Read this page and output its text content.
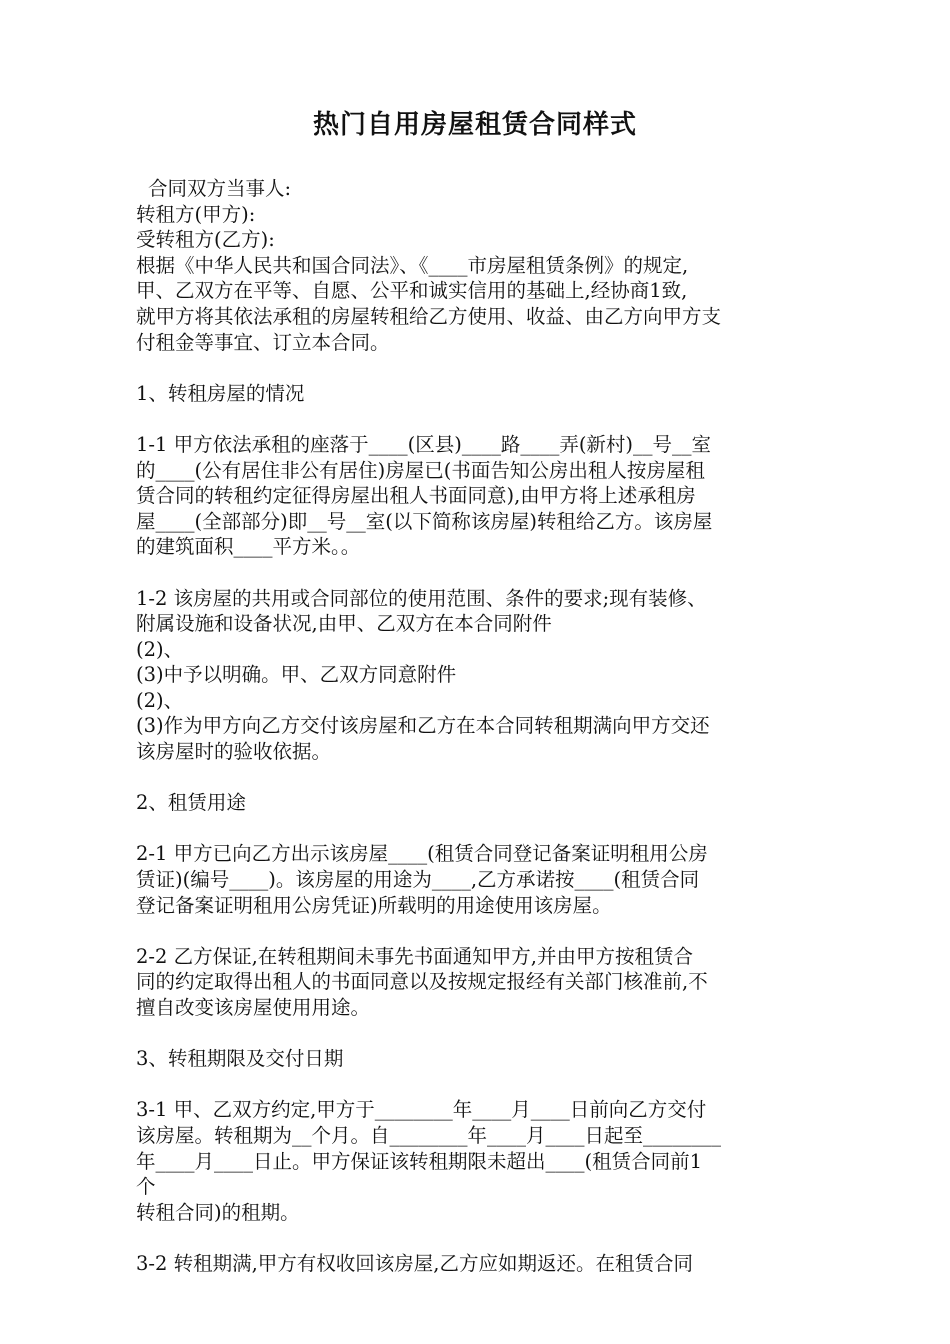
热门自用房屋租赁合同样式

合同双方当事人:

转租方(甲方):

受转租方(乙方):

根据《中华人民共和国合同法》、《____市房屋租赁条例》的规定,

甲、乙双方在平等、自愿、公平和诚实信用的基础上,经协商1致,

就甲方将其依法承租的房屋转租给乙方使用、收益、由乙方向甲方支

付租金等事宜、订立本合同。

1、转租房屋的情况

1-1 甲方依法承租的座落于____(区县)____路____弄(新村)__号__室

的____(公有居住非公有居住)房屋已(书面告知公房出租人按房屋租

赁合同的转租约定征得房屋出租人书面同意),由甲方将上述承租房

屋____(全部部分)即__号__室(以下简称该房屋)转租给乙方。该房屋

的建筑面积____平方米。。

1-2 该房屋的共用或合同部位的使用范围、条件的要求;现有装修、

附属设施和设备状况,由甲、乙双方在本合同附件

(2)、

(3)中予以明确。甲、乙双方同意附件

(2)、

(3)作为甲方向乙方交付该房屋和乙方在本合同转租期满向甲方交还

该房屋时的验收依据。

2、租赁用途

2-1 甲方已向乙方出示该房屋____(租赁合同登记备案证明租用公房

赁证)(编号____)。该房屋的用途为____,乙方承诺按____(租赁合同

登记备案证明租用公房凭证)所载明的用途使用该房屋。

2-2 乙方保证,在转租期间未事先书面通知甲方,并由甲方按租赁合

同的约定取得出租人的书面同意以及按规定报经有关部门核准前,不

擅自改变该房屋使用用途。

3、转租期限及交付日期

3-1 甲、乙双方约定,甲方于________年____月____日前向乙方交付

该房屋。转租期为__个月。自________年____月____日起至________

年____月____日止。甲方保证该转租期限未超出____(租赁合同前1

个

转租合同)的租期。

3-2 转租期满,甲方有权收回该房屋,乙方应如期返还。在租赁合同
